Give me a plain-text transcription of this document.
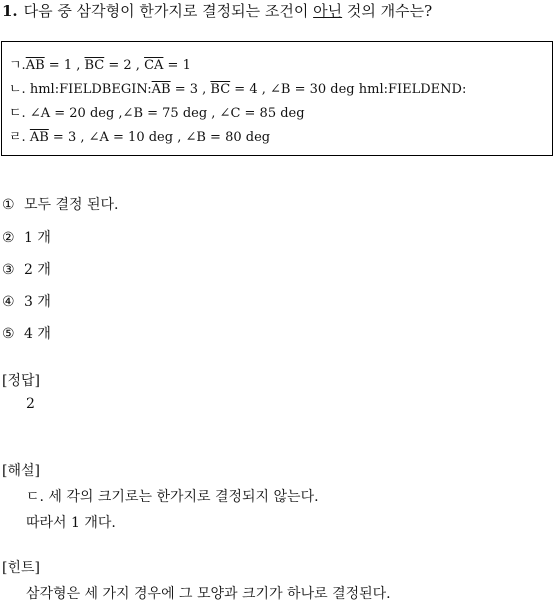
1. 다음 중 삼각형이 한가지로 결정되는 조건이 아닌 것의 개수는?
ㄱ$.\overline{AB} = 1$ , $\overline{BC} = 2$ , $\overline{CA} = 1$
ㄴ. $hml:FIELDBEGIN:\overline{AB} = 3$ , $\overline{BC} = 4$ , ∠B = 30 deg hml:FIELDEND:
ㄷ. ∠A = 20 deg ,∠B = 75 deg , ∠C = 85 deg
ㄹ. $\overline{AB} = 3$ , ∠A = 10 deg , ∠B = 80 deg
① 모두 결정 된다.
② 1 개
③ 2 개
④ 3 개
⑤ 4 개
[정답]
2
[해설]
ㄷ. 세 각의 크기로는 한가지로 결정되지 않는다.
따라서 1 개다.
[힌트]
삼각형은 세 가지 경우에 그 모양과 크기가 하나로 결정된다.
